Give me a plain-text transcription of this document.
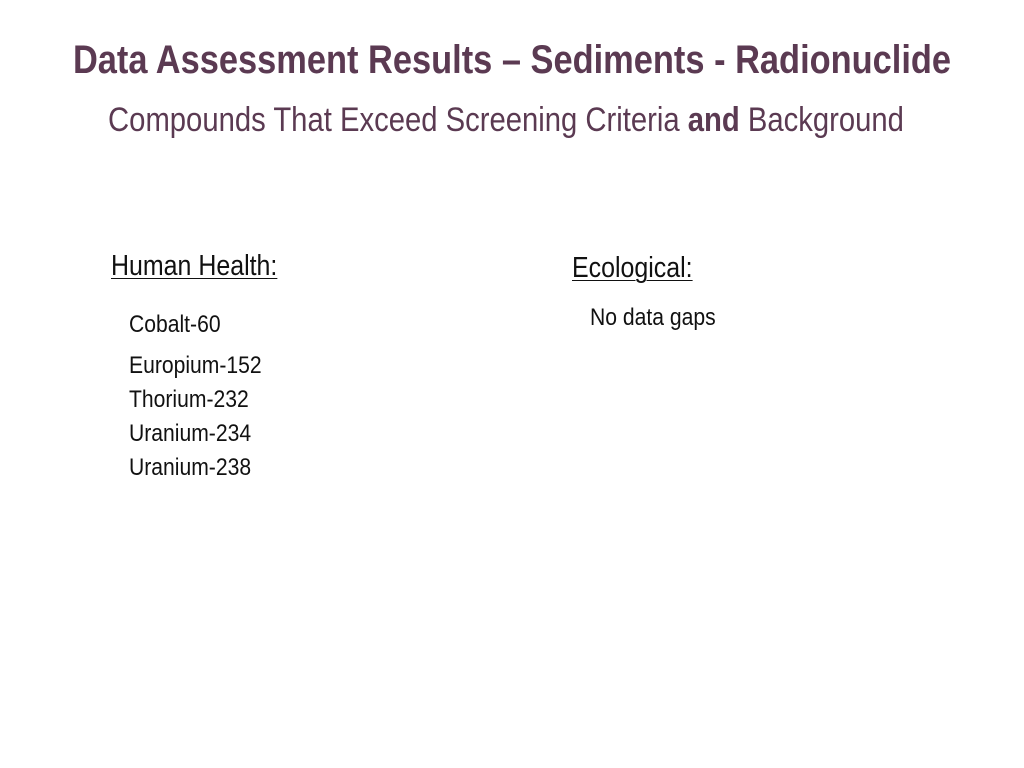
Data Assessment Results – Sediments - Radionuclide
Compounds That Exceed Screening Criteria and Background
Human Health:
Cobalt-60
Europium-152
Thorium-232
Uranium-234
Uranium-238
Ecological:
No data gaps
